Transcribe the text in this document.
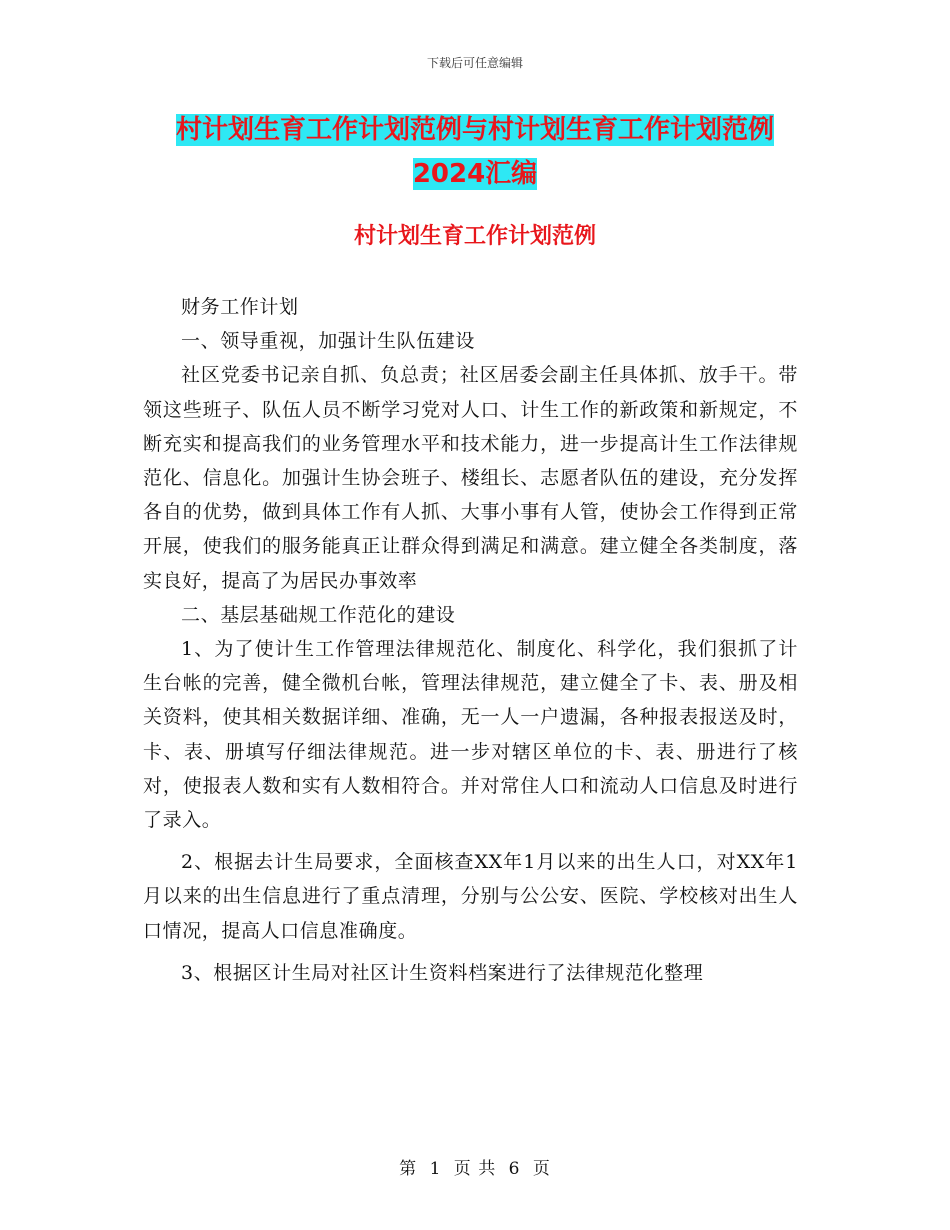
下载后可任意编辑
村计划生育工作计划范例与村计划生育工作计划范例
2024汇编
村计划生育工作计划范例

财务工作计划

一、领导重视，加强计生队伍建设

社区党委书记亲自抓、负总责；社区居委会副主任具体抓、放手干。带领这些班子、队伍人员不断学习党对人口、计生工作的新政策和新规定，不断充实和提高我们的业务管理水平和技术能力，进一步提高计生工作法律规范化、信息化。加强计生协会班子、楼组长、志愿者队伍的建设，充分发挥各自的优势，做到具体工作有人抓、大事小事有人管，使协会工作得到正常开展，使我们的服务能真正让群众得到满足和满意。建立健全各类制度，落实良好，提高了为居民办事效率

二、基层基础规工作范化的建设

1、为了使计生工作管理法律规范化、制度化、科学化，我们狠抓了计生台帐的完善，健全微机台帐，管理法律规范，建立健全了卡、表、册及相关资料，使其相关数据详细、准确，无一人一户遗漏，各种报表报送及时，卡、表、册填写仔细法律规范。进一步对辖区单位的卡、表、册进行了核对，使报表人数和实有人数相符合。并对常住人口和流动人口信息及时进行了录入。

2、根据去计生局要求，全面核查XX年1月以来的出生人口，对XX年1月以来的出生信息进行了重点清理，分别与公公安、医院、学校核对出生人口情况，提高人口信息准确度。

3、根据区计生局对社区计生资料档案进行了法律规范化整理

第 1 页 共 6 页
